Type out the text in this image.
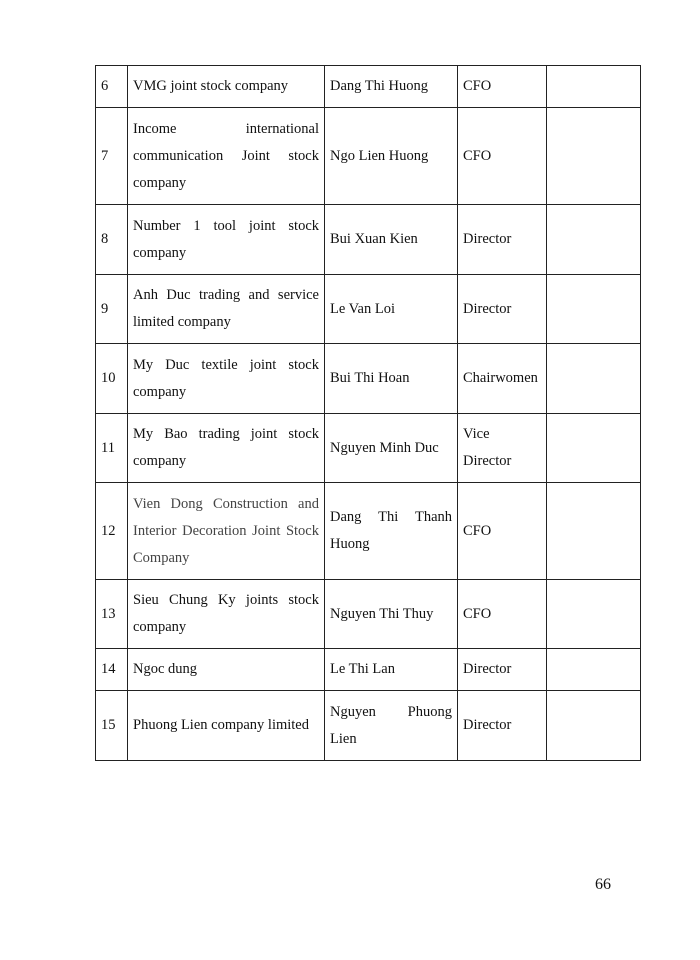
6	VMG joint stock company	Dang Thi Huong	CFO	
7	Income international communication Joint stock company	Ngo Lien Huong	CFO	
8	Number 1 tool joint stock company	Bui Xuan Kien	Director	
9	Anh Duc trading and service limited company	Le Van Loi	Director	
10	My Duc textile joint stock company	Bui Thi Hoan	Chairwomen	
11	My Bao trading joint stock company	Nguyen Minh Duc	Vice Director	
12	Vien Dong Construction and Interior Decoration Joint Stock Company	Dang Thi Thanh Huong	CFO	
13	Sieu Chung Ky joints stock company	Nguyen Thi Thuy	CFO	
14	Ngoc dung	Le Thi Lan	Director	
15	Phuong Lien company limited	Nguyen Phuong Lien	Director	
66
